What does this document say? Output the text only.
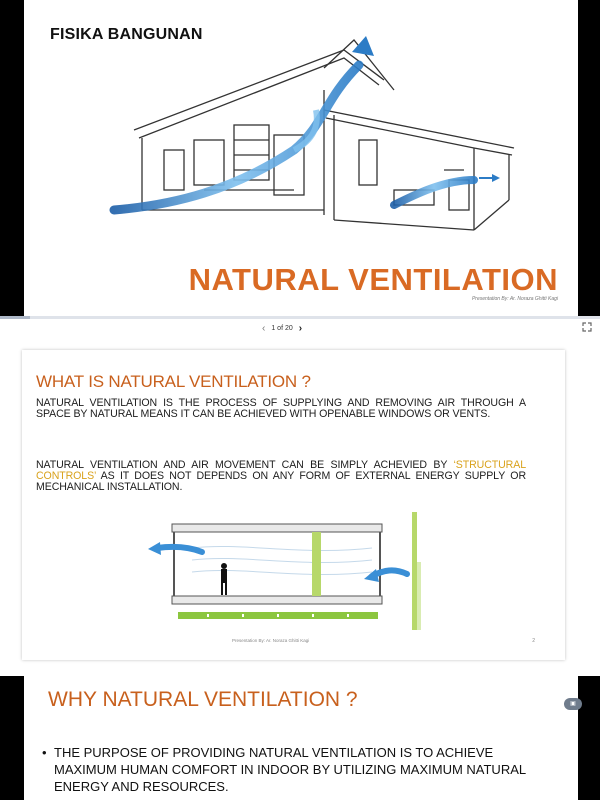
FISIKA BANGUNAN
NATURAL VENTILATION
Presentation By: Ar. Noraza Ghitti Kagi
‹ 1 of 20 ›
WHAT IS NATURAL VENTILATION ?
NATURAL VENTILATION IS THE PROCESS OF SUPPLYING AND REMOVING AIR THROUGH A SPACE BY NATURAL MEANS IT CAN BE ACHIEVED WITH OPENABLE WINDOWS OR VENTS.
NATURAL VENTILATION AND AIR MOVEMENT CAN BE SIMPLY ACHEVIED BY ‘STRUCTURAL CONTROLS’ AS IT DOES NOT DEPENDS ON ANY FORM OF EXTERNAL ENERGY SUPPLY OR MECHANICAL INSTALLATION.
Presentation By: Ar. Noraza Ghitti Kagi	2
WHY NATURAL VENTILATION ?
• THE PURPOSE OF PROVIDING NATURAL VENTILATION IS TO ACHIEVE MAXIMUM HUMAN COMFORT IN INDOOR BY UTILIZING MAXIMUM NATURAL ENERGY AND RESOURCES.
▣
